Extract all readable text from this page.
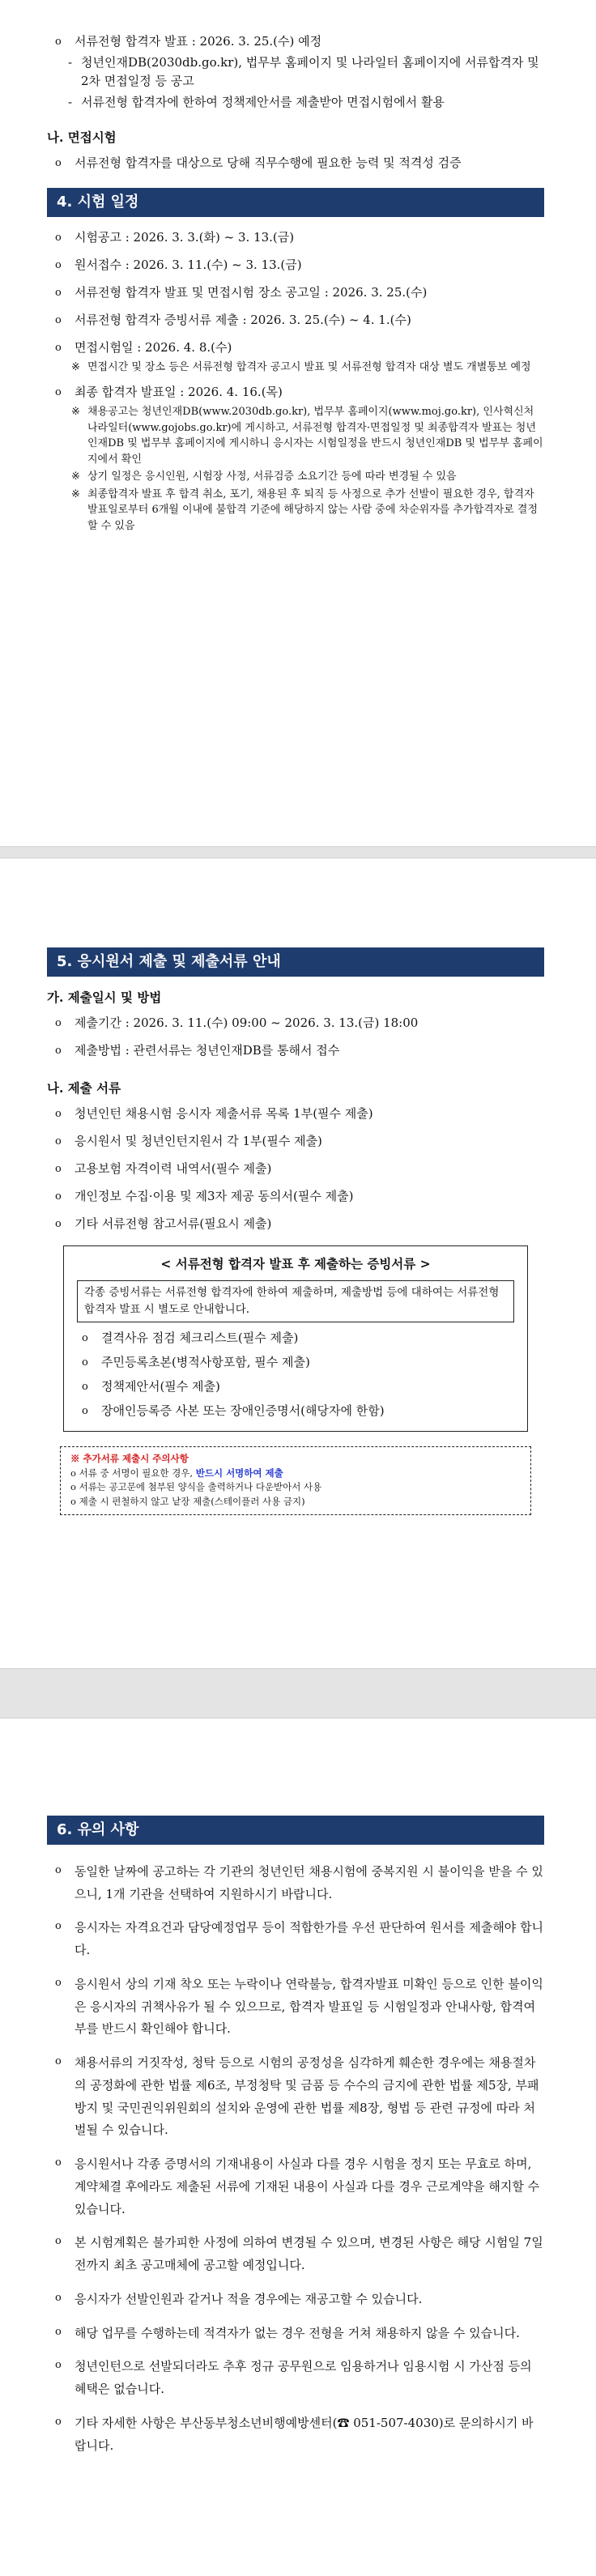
o 서류전형 합격자 발표 : 2026. 3. 25.(수) 예정
- 청년인재DB(2030db.go.kr), 법무부 홈페이지 및 나라일터 홈페이지에 서류합격자 및 2차 면접일정 등 공고
- 서류전형 합격자에 한하여 정책제안서를 제출받아 면접시험에서 활용
나. 면접시험
o 서류전형 합격자를 대상으로 당해 직무수행에 필요한 능력 및 적격성 검증
4. 시험 일정
o 시험공고 : 2026. 3. 3.(화) ~ 3. 13.(금)
o 원서접수 : 2026. 3. 11.(수) ~ 3. 13.(금)
o 서류전형 합격자 발표 및 면접시험 장소 공고일 : 2026. 3. 25.(수)
o 서류전형 합격자 증빙서류 제출 : 2026. 3. 25.(수) ~ 4. 1.(수)
o 면접시험일 : 2026. 4. 8.(수)
※ 면접시간 및 장소 등은 서류전형 합격자 공고시 발표 및 서류전형 합격자 대상 별도 개별통보 예정
o 최종 합격자 발표일 : 2026. 4. 16.(목)
※ 채용공고는 청년인재DB(www.2030db.go.kr), 법무부 홈페이지(www.moj.go.kr), 인사혁신처 나라일터(www.gojobs.go.kr)에 게시하고, 서류전형 합격자·면접일정 및 최종합격자 발표는 청년인재DB 및 법무부 홈페이지에 게시하니 응시자는 시험일정을 반드시 청년인재DB 및 법무부 홈페이지에서 확인
※ 상기 일정은 응시인원, 시험장 사정, 서류검증 소요기간 등에 따라 변경될 수 있음
※ 최종합격자 발표 후 합격 취소, 포기, 채용된 후 퇴직 등 사정으로 추가 선발이 필요한 경우, 합격자 발표일로부터 6개월 이내에 불합격 기준에 해당하지 않는 사람 중에 차순위자를 추가합격자로 결정할 수 있음
5. 응시원서 제출 및 제출서류 안내
가. 제출일시 및 방법
o 제출기간 : 2026. 3. 11.(수) 09:00 ~ 2026. 3. 13.(금) 18:00
o 제출방법 : 관련서류는 청년인재DB를 통해서 접수
나. 제출 서류
o 청년인턴 채용시험 응시자 제출서류 목록 1부(필수 제출)
o 응시원서 및 청년인턴지원서 각 1부(필수 제출)
o 고용보험 자격이력 내역서(필수 제출)
o 개인정보 수집·이용 및 제3자 제공 동의서(필수 제출)
o 기타 서류전형 참고서류(필요시 제출)
< 서류전형 합격자 발표 후 제출하는 증빙서류 >
각종 증빙서류는 서류전형 합격자에 한하여 제출하며, 제출방법 등에 대하여는 서류전형 합격자 발표 시 별도로 안내합니다.
o 결격사유 점검 체크리스트(필수 제출)
o 주민등록초본(병적사항포함, 필수 제출)
o 정책제안서(필수 제출)
o 장애인등록증 사본 또는 장애인증명서(해당자에 한함)
※ 추가서류 제출시 주의사항
o 서류 중 서명이 필요한 경우, 반드시 서명하여 제출
o 서류는 공고문에 첨부된 양식을 출력하거나 다운받아서 사용
o 제출 시 편철하지 않고 낱장 제출(스테이플러 사용 금지)
6. 유의 사항
o 동일한 날짜에 공고하는 각 기관의 청년인턴 채용시험에 중복지원 시 불이익을 받을 수 있으니, 1개 기관을 선택하여 지원하시기 바랍니다.
o 응시자는 자격요건과 담당예정업무 등이 적합한가를 우선 판단하여 원서를 제출해야 합니다.
o 응시원서 상의 기재 착오 또는 누락이나 연락불능, 합격자발표 미확인 등으로 인한 불이익은 응시자의 귀책사유가 될 수 있으므로, 합격자 발표일 등 시험일정과 안내사항, 합격여부를 반드시 확인해야 합니다.
o 채용서류의 거짓작성, 청탁 등으로 시험의 공정성을 심각하게 훼손한 경우에는 채용절차의 공정화에 관한 법률 제6조, 부정청탁 및 금품 등 수수의 금지에 관한 법률 제5장, 부패방지 및 국민권익위원회의 설치와 운영에 관한 법률 제8장, 형법 등 관련 규정에 따라 처벌될 수 있습니다.
o 응시원서나 각종 증명서의 기재내용이 사실과 다를 경우 시험을 정지 또는 무효로 하며, 계약체결 후에라도 제출된 서류에 기재된 내용이 사실과 다를 경우 근로계약을 해지할 수 있습니다.
o 본 시험계획은 불가피한 사정에 의하여 변경될 수 있으며, 변경된 사항은 해당 시험일 7일 전까지 최초 공고매체에 공고할 예정입니다.
o 응시자가 선발인원과 같거나 적을 경우에는 재공고할 수 있습니다.
o 해당 업무를 수행하는데 적격자가 없는 경우 전형을 거쳐 채용하지 않을 수 있습니다.
o 청년인턴으로 선발되더라도 추후 정규 공무원으로 임용하거나 임용시험 시 가산점 등의 혜택은 없습니다.
o 기타 자세한 사항은 부산동부청소년비행예방센터(☎ 051-507-4030)로 문의하시기 바랍니다.
